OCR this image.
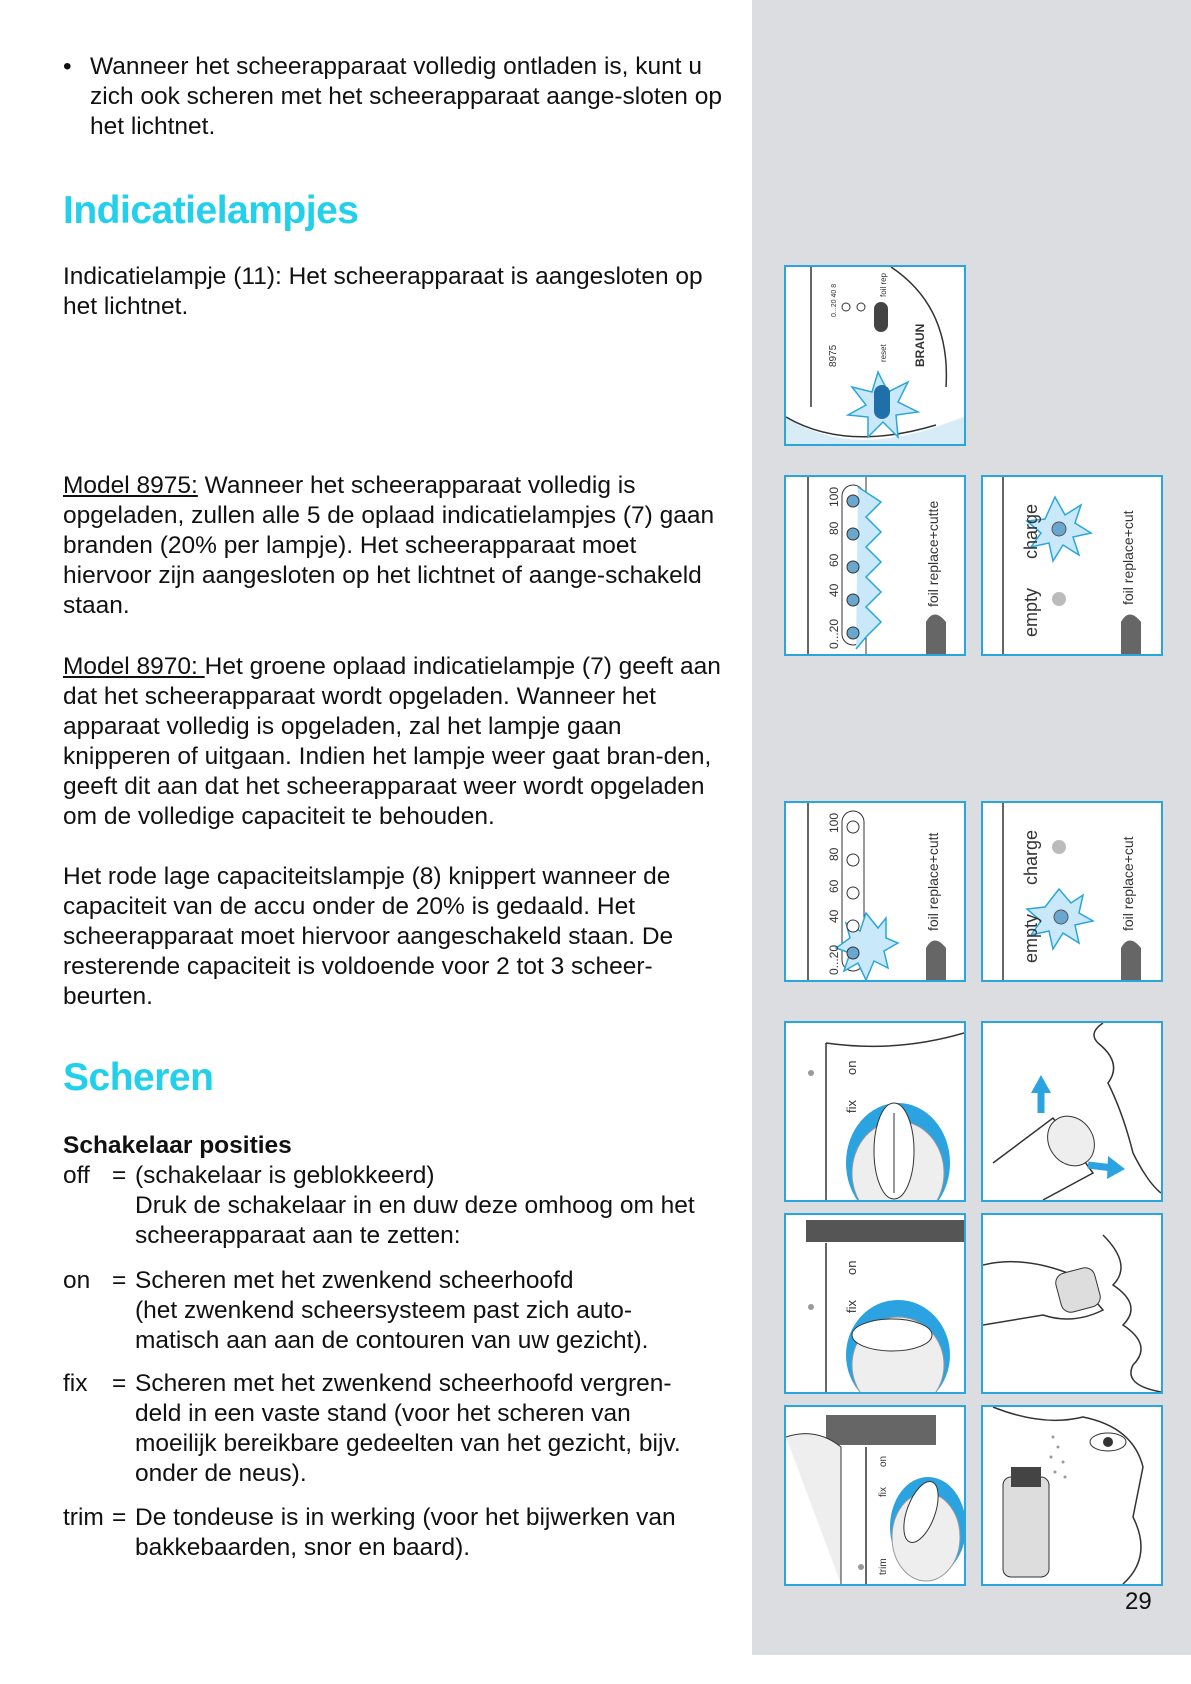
• Wanneer het scheerapparaat volledig ontladen is, kunt u zich ook scheren met het scheerapparaat aange-sloten op het lichtnet.
Indicatielampjes
Indicatielampje (11): Het scheerapparaat is aangesloten op het lichtnet.
Model 8975: Wanneer het scheerapparaat volledig is opgeladen, zullen alle 5 de oplaad indicatielampjes (7) gaan branden (20% per lampje). Het scheerapparaat moet hiervoor zijn aangesloten op het lichtnet of aange-schakeld staan.
Model 8970: Het groene oplaad indicatielampje (7) geeft aan dat het scheerapparaat wordt opgeladen. Wanneer het apparaat volledig is opgeladen, zal het lampje gaan knipperen of uitgaan. Indien het lampje weer gaat bran-den, geeft dit aan dat het scheerapparaat weer wordt opgeladen om de volledige capaciteit te behouden.
Het rode lage capaciteitslampje (8) knippert wanneer de capaciteit van de accu onder de 20% is gedaald. Het scheerapparaat moet hiervoor aangeschakeld staan. De resterende capaciteit is voldoende voor 2 tot 3 scheer-beurten.
Scheren
Schakelaar posities
off = (schakelaar is geblokkeerd)
Druk de schakelaar in en duw deze omhoog om het
scheerapparaat aan te zetten:
on = Scheren met het zwenkend scheerhoofd
(het zwenkend scheersysteem past zich auto-
matisch aan aan de contouren van uw gezicht).
fix	= Scheren met het zwenkend scheerhoofd vergren-
deld in een vaste stand (voor het scheren van
moeilijk bereikbare gedeelten van het gezicht, bijv.
onder de neus).
trim = De tondeuse is in werking (voor het bijwerken van
bakkebaarden, snor en baard).
8975
0...20 40 8
reset
foil rep
BRAUN
0...20
40
60
80
100
foil replace+cutte
empty
charge	foil replace+cut
0...20
40
60
80
100
foil replace+cutt
empty
charge	foil replace+cut
fix
on
fix
on
trim
fix
on
29
